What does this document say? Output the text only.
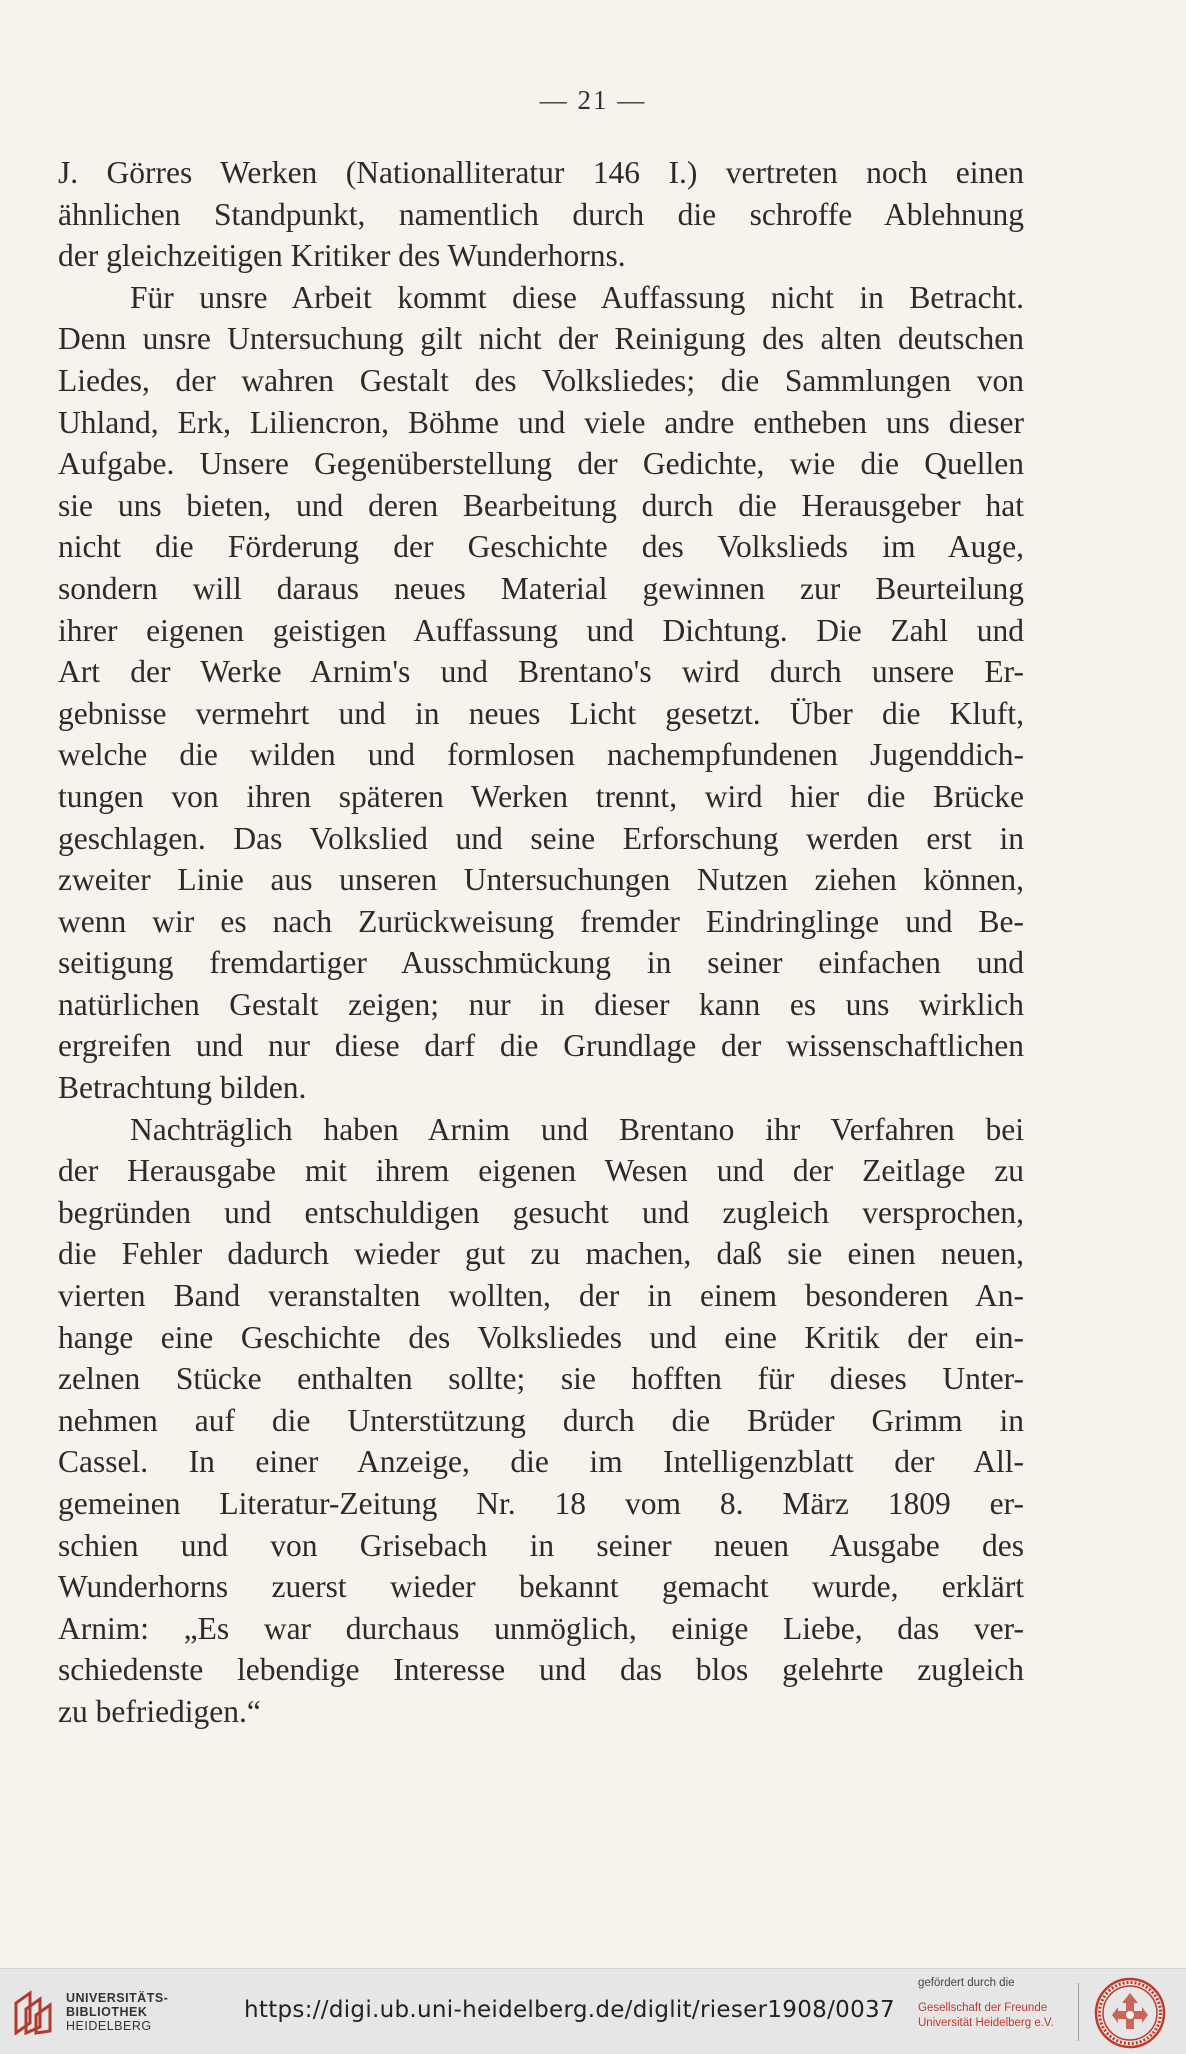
— 21 —
J. Görres Werken (Nationalliteratur 146 I.) vertreten noch einen
ähnlichen Standpunkt, namentlich durch die schroffe Ablehnung
der gleichzeitigen Kritiker des Wunderhorns.
Für unsre Arbeit kommt diese Auffassung nicht in Betracht.
Denn unsre Untersuchung gilt nicht der Reinigung des alten deutschen
Liedes, der wahren Gestalt des Volksliedes; die Sammlungen von
Uhland, Erk, Liliencron, Böhme und viele andre entheben uns dieser
Aufgabe. Unsere Gegenüberstellung der Gedichte, wie die Quellen
sie uns bieten, und deren Bearbeitung durch die Herausgeber hat
nicht die Förderung der Geschichte des Volkslieds im Auge,
sondern will daraus neues Material gewinnen zur Beurteilung
ihrer eigenen geistigen Auffassung und Dichtung. Die Zahl und
Art der Werke Arnim's und Brentano's wird durch unsere Er-
gebnisse vermehrt und in neues Licht gesetzt. Über die Kluft,
welche die wilden und formlosen nachempfundenen Jugenddich-
tungen von ihren späteren Werken trennt, wird hier die Brücke
geschlagen. Das Volkslied und seine Erforschung werden erst in
zweiter Linie aus unseren Untersuchungen Nutzen ziehen können,
wenn wir es nach Zurückweisung fremder Eindringlinge und Be-
seitigung fremdartiger Ausschmückung in seiner einfachen und
natürlichen Gestalt zeigen; nur in dieser kann es uns wirklich
ergreifen und nur diese darf die Grundlage der wissenschaftlichen
Betrachtung bilden.
Nachträglich haben Arnim und Brentano ihr Verfahren bei
der Herausgabe mit ihrem eigenen Wesen und der Zeitlage zu
begründen und entschuldigen gesucht und zugleich versprochen,
die Fehler dadurch wieder gut zu machen, daß sie einen neuen,
vierten Band veranstalten wollten, der in einem besonderen An-
hange eine Geschichte des Volksliedes und eine Kritik der ein-
zelnen Stücke enthalten sollte; sie hofften für dieses Unter-
nehmen auf die Unterstützung durch die Brüder Grimm in
Cassel. In einer Anzeige, die im Intelligenzblatt der All-
gemeinen Literatur-Zeitung Nr. 18 vom 8. März 1809 er-
schien und von Grisebach in seiner neuen Ausgabe des
Wunderhorns zuerst wieder bekannt gemacht wurde, erklärt
Arnim: „Es war durchaus unmöglich, einige Liebe, das ver-
schiedenste lebendige Interesse und das blos gelehrte zugleich
zu befriedigen.“
UNIVERSITÄTS-
BIBLIOTHEK
HEIDELBERG
https://digi.ub.uni-heidelberg.de/diglit/rieser1908/0037
gefördert durch die
Gesellschaft der Freunde
Universität Heidelberg e.V.
